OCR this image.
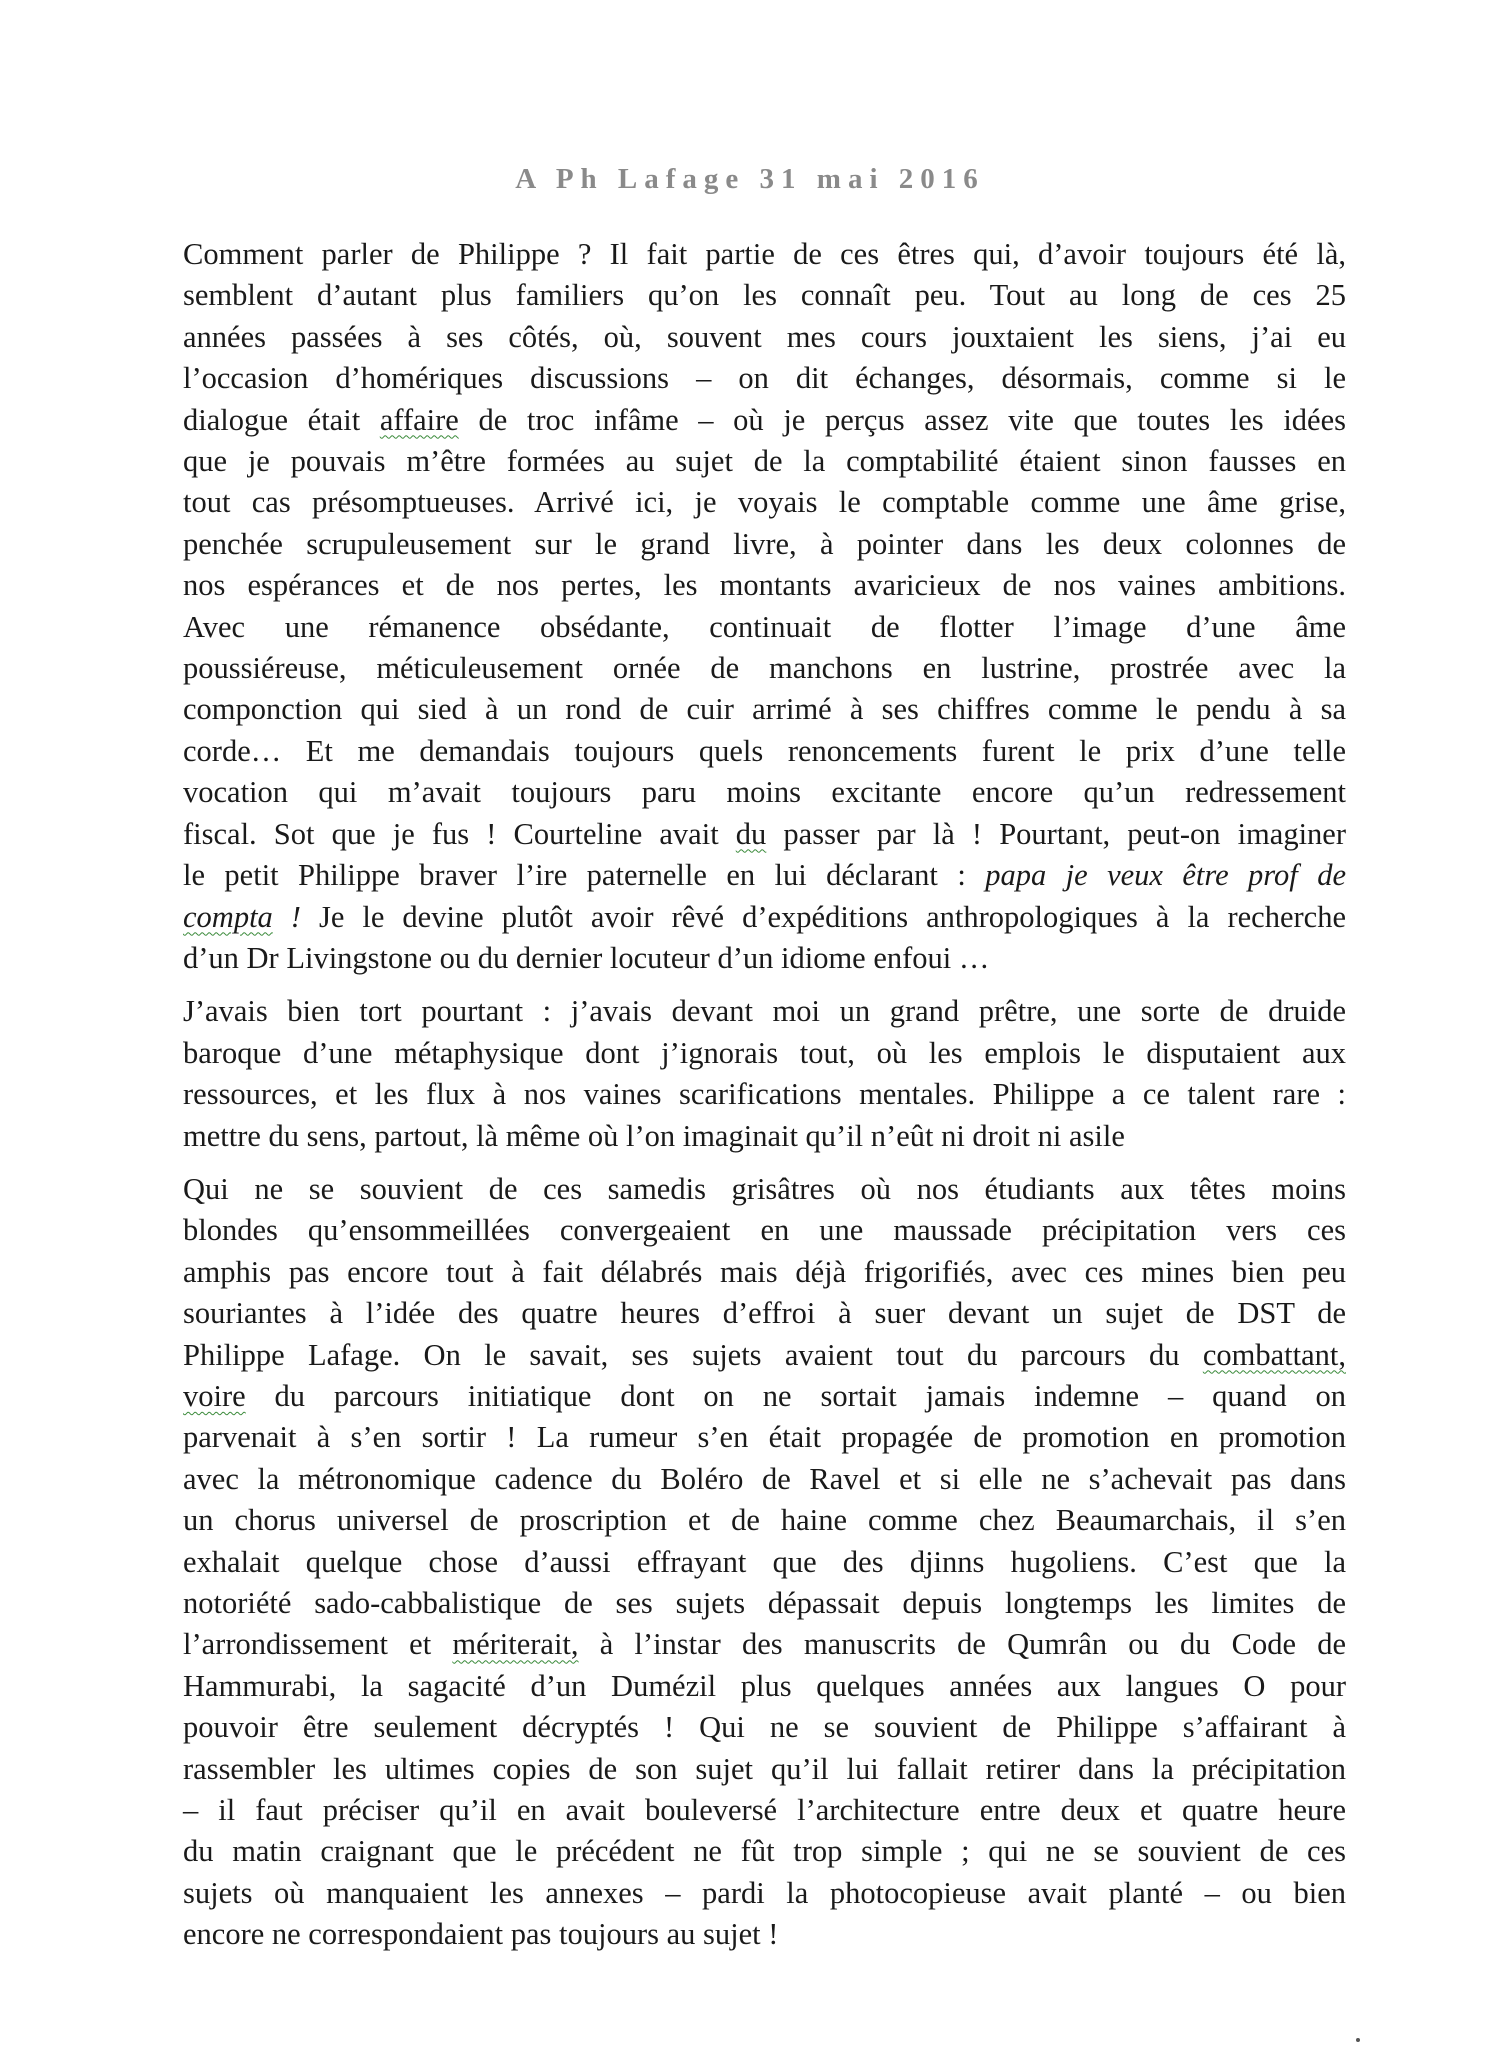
A Ph Lafage 31 mai 2016
Comment parler de Philippe ? Il fait partie de ces êtres qui, d’avoir toujours été là,
semblent d’autant plus familiers qu’on les connaît peu. Tout au long de ces 25
années passées à ses côtés, où, souvent mes cours jouxtaient les siens, j’ai eu
l’occasion d’homériques discussions – on dit échanges, désormais, comme si le
dialogue était affaire de troc infâme – où je perçus assez vite que toutes les idées
que je pouvais m’être formées au sujet de la comptabilité étaient sinon fausses en
tout cas présomptueuses. Arrivé ici, je voyais le comptable comme une âme grise,
penchée scrupuleusement sur le grand livre, à pointer dans les deux colonnes de
nos espérances et de nos pertes, les montants avaricieux de nos vaines ambitions.
Avec une rémanence obsédante, continuait de flotter l’image d’une âme
poussiéreuse, méticuleusement ornée de manchons en lustrine, prostrée avec la
componction qui sied à un rond de cuir arrimé à ses chiffres comme le pendu à sa
corde… Et me demandais toujours quels renoncements furent le prix d’une telle
vocation qui m’avait toujours paru moins excitante encore qu’un redressement
fiscal. Sot que je fus ! Courteline avait du passer par là ! Pourtant, peut-on imaginer
le petit Philippe braver l’ire paternelle en lui déclarant : papa je veux être prof de
compta ! Je le devine plutôt avoir rêvé d’expéditions anthropologiques à la recherche
d’un Dr Livingstone ou du dernier locuteur d’un idiome enfoui …
J’avais bien tort pourtant : j’avais devant moi un grand prêtre, une sorte de druide
baroque d’une métaphysique dont j’ignorais tout, où les emplois le disputaient aux
ressources, et les flux à nos vaines scarifications mentales. Philippe a ce talent rare :
mettre du sens, partout, là même où l’on imaginait qu’il n’eût ni droit ni asile
Qui ne se souvient de ces samedis grisâtres où nos étudiants aux têtes moins
blondes qu’ensommeillées convergeaient en une maussade précipitation vers ces
amphis pas encore tout à fait délabrés mais déjà frigorifiés, avec ces mines bien peu
souriantes à l’idée des quatre heures d’effroi à suer devant un sujet de DST de
Philippe Lafage. On le savait, ses sujets avaient tout du parcours du combattant,
voire du parcours initiatique dont on ne sortait jamais indemne – quand on
parvenait à s’en sortir ! La rumeur s’en était propagée de promotion en promotion
avec la métronomique cadence du Boléro de Ravel et si elle ne s’achevait pas dans
un chorus universel de proscription et de haine comme chez Beaumarchais, il s’en
exhalait quelque chose d’aussi effrayant que des djinns hugoliens. C’est que la
notoriété sado-cabbalistique de ses sujets dépassait depuis longtemps les limites de
l’arrondissement et mériterait, à l’instar des manuscrits de Qumrân ou du Code de
Hammurabi, la sagacité d’un Dumézil plus quelques années aux langues O pour
pouvoir être seulement décryptés ! Qui ne se souvient de Philippe s’affairant à
rassembler les ultimes copies de son sujet qu’il lui fallait retirer dans la précipitation
– il faut préciser qu’il en avait bouleversé l’architecture entre deux et quatre heure
du matin craignant que le précédent ne fût trop simple ; qui ne se souvient de ces
sujets où manquaient les annexes – pardi la photocopieuse avait planté – ou bien
encore ne correspondaient pas toujours au sujet !
